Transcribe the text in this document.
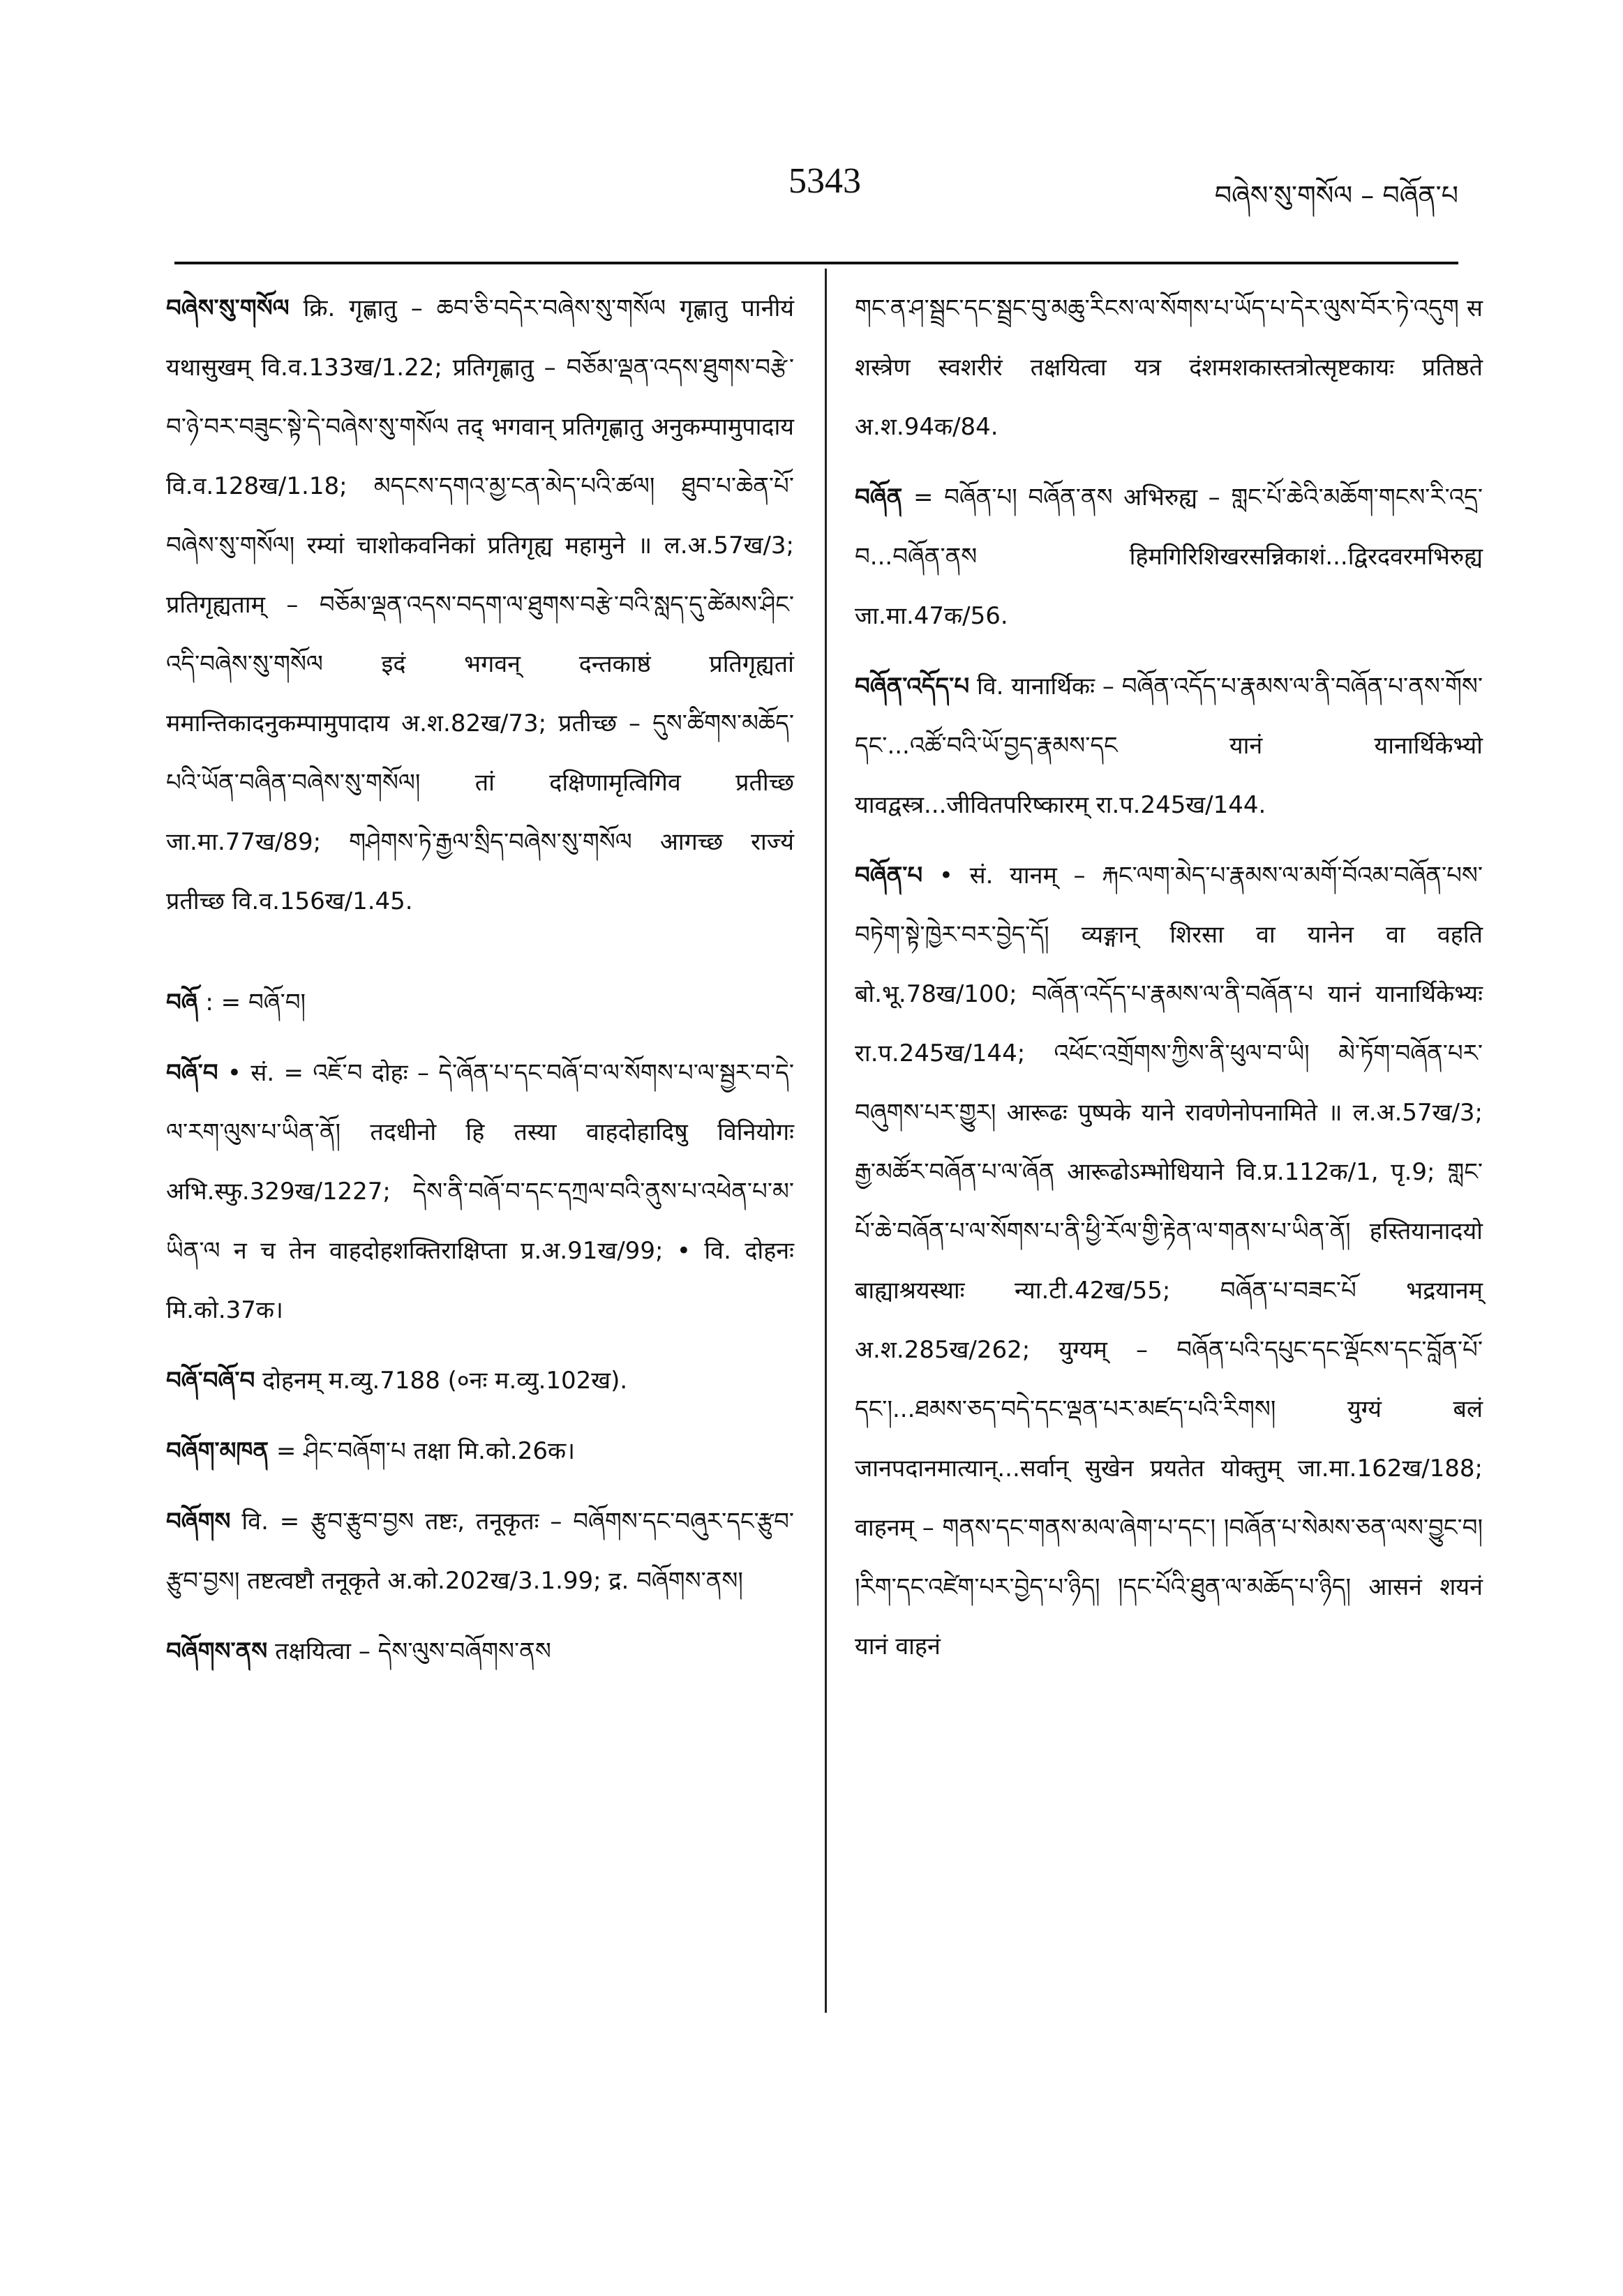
5343	བཞེས་སུ་གསོལ – བཞོན་པ
བཞེས་སུ་གསོལ क्रि. गृह्णातु – ཆབ་ཅི་བདེར་བཞེས་སུ་གསོལ गृह्णातु पानीयं यथासुखम् वि.व.133ख/1.22; प्रतिगृह्णातु – བཅོམ་ལྡན་འདས་ཐུགས་བརྩེ་བ་ཉེ་བར་བཟུང་སྟེ་དེ་བཞེས་སུ་གསོལ तद् भगवान् प्रतिगृह्णातु अनुकम्पामुपादाय वि.व.128ख/1.18; མདངས་དགའ་མྱ་ངན་མེད་པའི་ཚལ། ཐུབ་པ་ཆེན་པོ་བཞེས་སུ་གསོལ། रम्यां चाशोकवनिकां प्रतिगृह्य महामुने ॥ ल.अ.57ख/3; प्रतिगृह्यताम् – བཅོམ་ལྡན་འདས་བདག་ལ་ཐུགས་བརྩེ་བའི་སླད་དུ་ཚེམས་ཤིང་འདི་བཞེས་སུ་གསོལ इदं भगवन् दन्तकाष्ठं प्रतिगृह्यतां ममान्तिकादनुकम्पामुपादाय अ.श.82ख/73; प्रतीच्छ – དུས་ཚིགས་མཆོད་པའི་ཡོན་བཞིན་བཞེས་སུ་གསོལ། तां दक्षिणामृत्विगिव प्रतीच्छ जा.मा.77ख/89; གཤེགས་ཏེ་རྒྱལ་སྲིད་བཞེས་སུ་གསོལ आगच्छ राज्यं प्रतीच्छ वि.व.156ख/1.45.
བཞོ : = བཞོ་བ།
བཞོ་བ • सं. = འཇོ་བ दोहः – དེ་ཞོན་པ་དང་བཞོ་བ་ལ་སོགས་པ་ལ་སྦྱར་བ་དེ་ལ་རག་ལུས་པ་ཡིན་ནོ། तदधीनो हि तस्या वाहदोहादिषु विनियोगः अभि.स्फु.329ख/1227; དེས་ནི་བཞོ་བ་དང་དཀྲལ་བའི་ནུས་པ་འཕེན་པ་མ་ཡིན་ལ न च तेन वाहदोहशक्तिराक्षिप्ता प्र.अ.91ख/99; • वि. दोहनः मि.को.37क।
བཞོ་བཞོ་བ दोहनम् म.व्यु.7188 (०नः म.व्यु.102ख).
བཞོག་མཁན = ཤིང་བཞོག་པ तक्षा मि.को.26क।
བཞོགས वि. = རྩུབ་རྩུབ་བྱས तष्टः, तनूकृतः – བཞོགས་དང་བཞུར་དང་རྩུབ་རྩུབ་བྱས། तष्टत्वष्टौ तनूकृते अ.को.202ख/3.1.99; द्र. བཞོགས་ནས།
བཞོགས་ནས तक्षयित्वा – དེས་ལུས་བཞོགས་ནས
གང་ན་ཤ་སྦྲང་དང་སྦྲང་བུ་མཆུ་རིངས་ལ་སོགས་པ་ཡོད་པ་དེར་ལུས་བོར་ཏེ་འདུག स शस्त्रेण स्वशरीरं तक्षयित्वा यत्र दंशमशकास्तत्रोत्सृष्टकायः प्रतिष्ठते अ.श.94क/84.
བཞོན = བཞོན་པ། བཞོན་ནས अभिरुह्य – གླང་པོ་ཆེའི་མཆོག་གངས་རི་འདྲ་བ...བཞོན་ནས हिमगिरिशिखरसन्निकाशं...द्विरदवरमभिरुह्य जा.मा.47क/56.
བཞོན་འདོད་པ वि. यानार्थिकः – བཞོན་འདོད་པ་རྣམས་ལ་ནི་བཞོན་པ་ནས་གོས་དང་...འཚོ་བའི་ཡོ་བྱད་རྣམས་དང यानं यानार्थिकेभ्यो यावद्वस्त्र...जीवितपरिष्कारम् रा.प.245ख/144.
བཞོན་པ • सं. यानम् – རྐང་ལག་མེད་པ་རྣམས་ལ་མགོ་བོའམ་བཞོན་པས་བཏེག་སྟེ་ཁྱེར་བར་བྱེད་དོ། व्यङ्गान् शिरसा वा यानेन वा वहति बो.भू.78ख/100; བཞོན་འདོད་པ་རྣམས་ལ་ནི་བཞོན་པ यानं यानार्थिकेभ्यः रा.प.245ख/144; འཕོང་འགྲོགས་ཀྱིས་ནི་ཕུལ་བ་ཡི། མེ་ཏོག་བཞོན་པར་བཞུགས་པར་གྱུར། आरूढः पुष्पके याने रावणेनोपनामिते ॥ ल.अ.57ख/3; རྒྱ་མཚོར་བཞོན་པ་ལ་ཞོན आरूढोऽम्भोधियाने वि.प्र.112क/1, पृ.9; གླང་པོ་ཆེ་བཞོན་པ་ལ་སོགས་པ་ནི་ཕྱི་རོལ་གྱི་རྟེན་ལ་གནས་པ་ཡིན་ནོ། हस्तियानादयो बाह्याश्रयस्थाः न्या.टी.42ख/55; བཞོན་པ་བཟང་པོ भद्रयानम् अ.श.285ख/262; युग्यम् – བཞོན་པའི་དཔུང་དང་ལྡོངས་དང་བློན་པོ་དང་།...ཐམས་ཅད་བདེ་དང་ལྡན་པར་མཛད་པའི་རིགས། युग्यं बलं जानपदानमात्यान्...सर्वान् सुखेन प्रयतेत योक्तुम् जा.मा.162ख/188; वाहनम् – གནས་དང་གནས་མལ་ཞེག་པ་དང་། །བཞོན་པ་སེམས་ཅན་ལས་བྱུང་བ། །རིག་དང་འཛེག་པར་བྱེད་པ་ཉིད། །དང་པོའི་ཐུན་ལ་མཆོད་པ་ཉིད། आसनं शयनं यानं वाहनं
